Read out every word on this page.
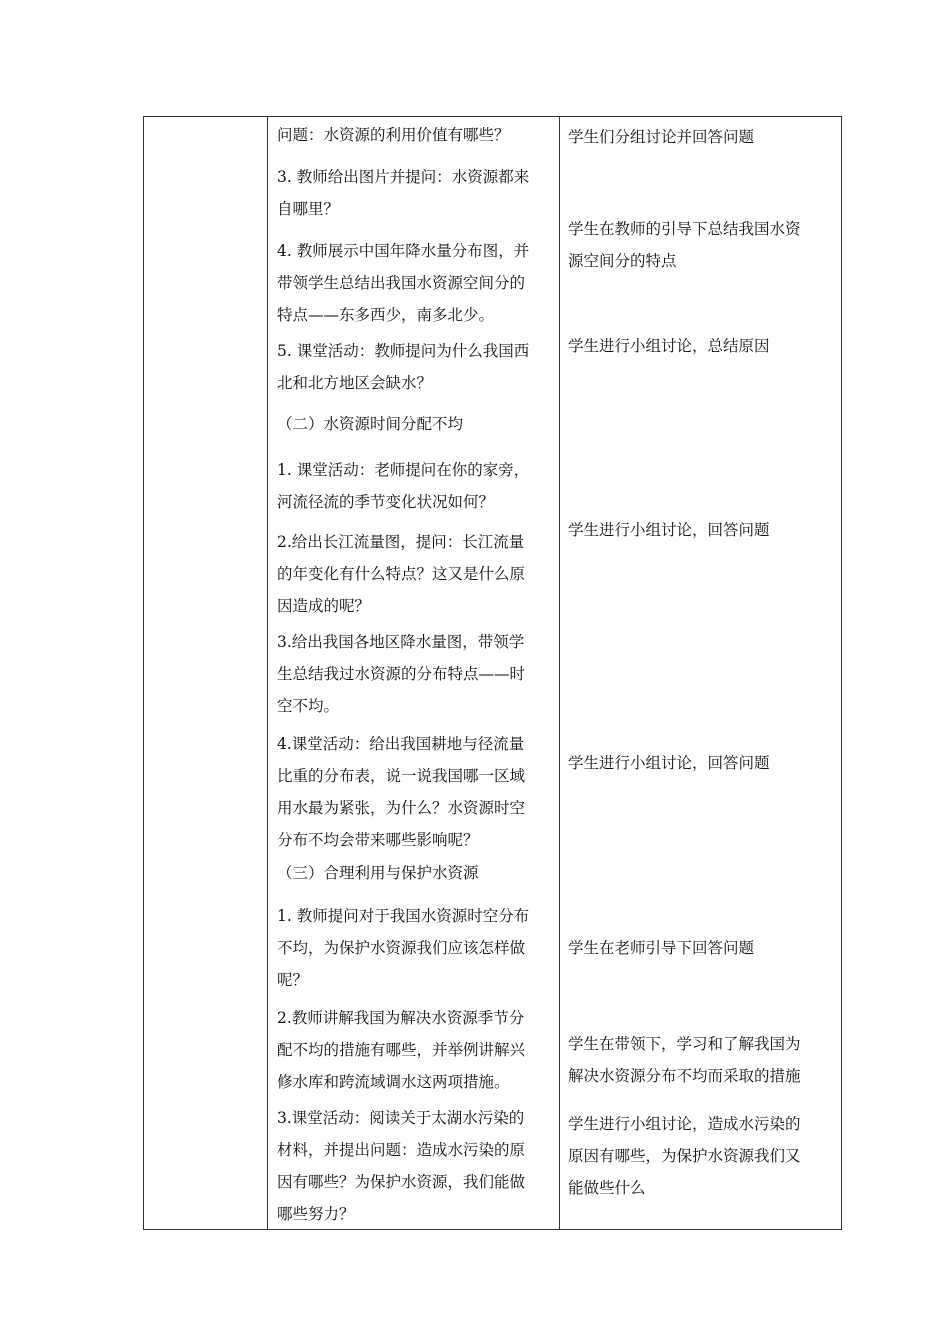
问题：水资源的利用价值有哪些？
3. 教师给出图片并提问：水资源都来
自哪里？
4. 教师展示中国年降水量分布图，并
带领学生总结出我国水资源空间分的
特点——东多西少，南多北少。
5. 课堂活动：教师提问为什么我国西
北和北方地区会缺水？
（二）水资源时间分配不均
1. 课堂活动：老师提问在你的家旁，
河流径流的季节变化状况如何？
2.给出长江流量图，提问：长江流量
的年变化有什么特点？这又是什么原
因造成的呢？
3.给出我国各地区降水量图，带领学
生总结我过水资源的分布特点——时
空不均。
4.课堂活动：给出我国耕地与径流量
比重的分布表，说一说我国哪一区域
用水最为紧张，为什么？水资源时空
分布不均会带来哪些影响呢？
（三）合理利用与保护水资源
1. 教师提问对于我国水资源时空分布
不均，为保护水资源我们应该怎样做
呢？
2.教师讲解我国为解决水资源季节分
配不均的措施有哪些，并举例讲解兴
修水库和跨流域调水这两项措施。
3.课堂活动：阅读关于太湖水污染的
材料，并提出问题：造成水污染的原
因有哪些？为保护水资源，我们能做
哪些努力？
学生们分组讨论并回答问题
学生在教师的引导下总结我国水资
源空间分的特点
学生进行小组讨论，总结原因
学生进行小组讨论，回答问题
学生进行小组讨论，回答问题
学生在老师引导下回答问题
学生在带领下，学习和了解我国为
解决水资源分布不均而采取的措施
学生进行小组讨论，造成水污染的
原因有哪些，为保护水资源我们又
能做些什么
